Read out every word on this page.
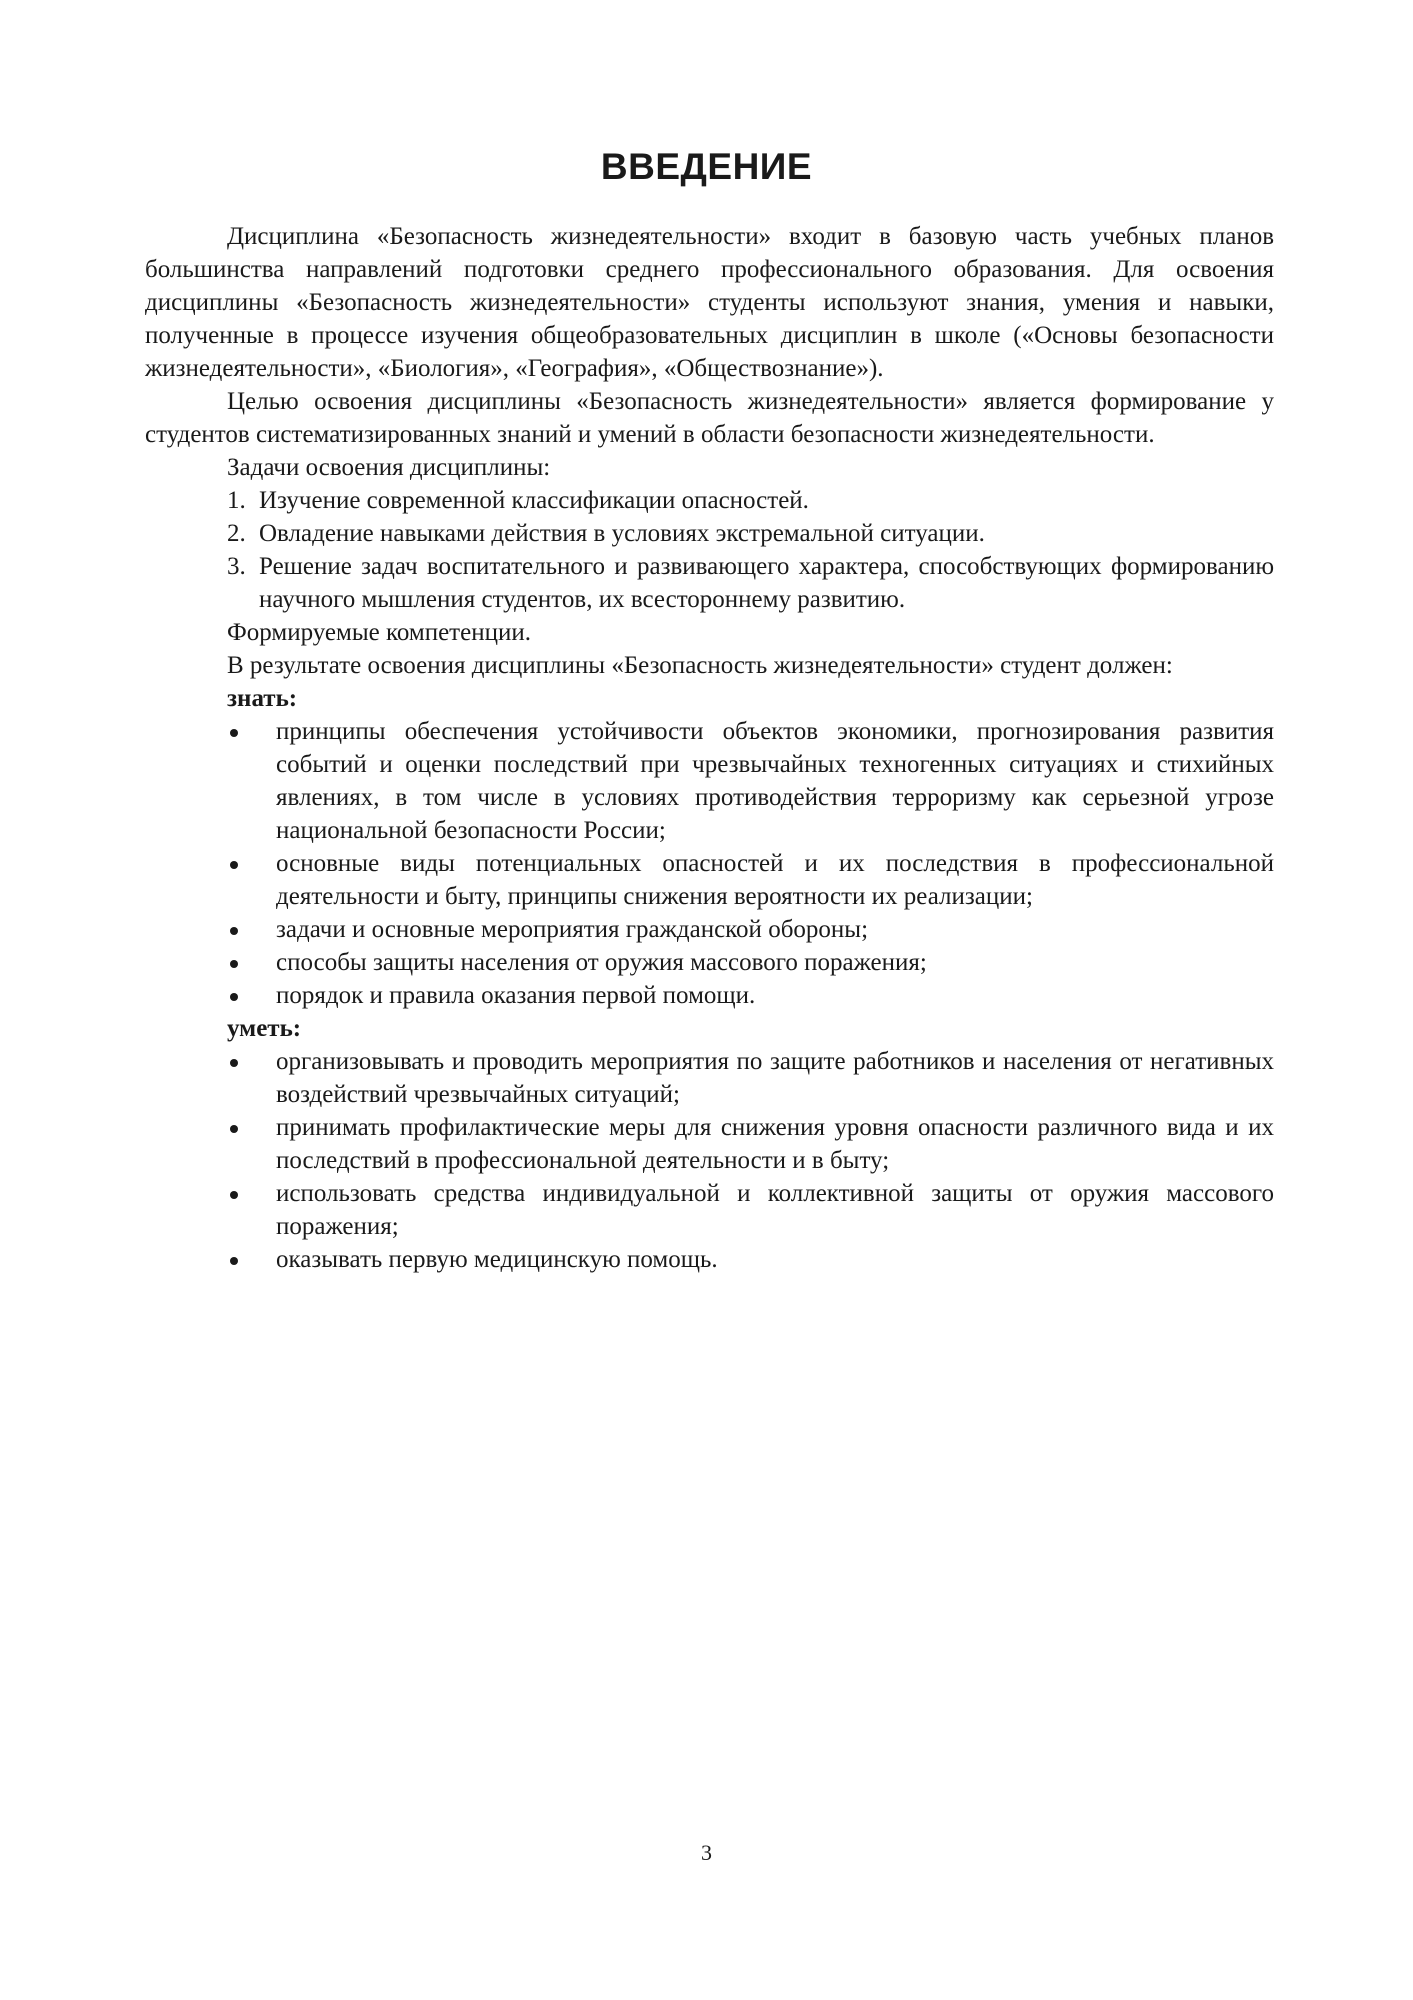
ВВЕДЕНИЕ

Дисциплина «Безопасность жизнедеятельности» входит в базовую часть учебных планов большинства направлений подготовки среднего профессионального образования. Для освоения дисциплины «Безопасность жизнедеятельности» студенты используют знания, умения и навыки, полученные в процессе изучения общеобразовательных дисциплин в школе («Основы безопасности жизнедеятельности», «Биология», «География», «Обществознание»).

Целью освоения дисциплины «Безопасность жизнедеятельности» является формирование у студентов систематизированных знаний и умений в области безопасности жизнедеятельности.

Задачи освоения дисциплины:

1. Изучение современной классификации опасностей.
2. Овладение навыками действия в условиях экстремальной ситуации.
3. Решение задач воспитательного и развивающего характера, способствующих формированию научного мышления студентов, их всестороннему развитию.

Формируемые компетенции.

В результате освоения дисциплины «Безопасность жизнедеятельности» студент должен:

знать:

принципы обеспечения устойчивости объектов экономики, прогнозирования развития событий и оценки последствий при чрезвычайных техногенных ситуациях и стихийных явлениях, в том числе в условиях противодействия терроризму как серьезной угрозе национальной безопасности России;
основные виды потенциальных опасностей и их последствия в профессиональной деятельности и быту, принципы снижения вероятности их реализации;
задачи и основные мероприятия гражданской обороны;
способы защиты населения от оружия массового поражения;
порядок и правила оказания первой помощи.

уметь:

организовывать и проводить мероприятия по защите работников и населения от негативных воздействий чрезвычайных ситуаций;
принимать профилактические меры для снижения уровня опасности различного вида и их последствий в профессиональной деятельности и в быту;
использовать средства индивидуальной и коллективной защиты от оружия массового поражения;
оказывать первую медицинскую помощь.
3
